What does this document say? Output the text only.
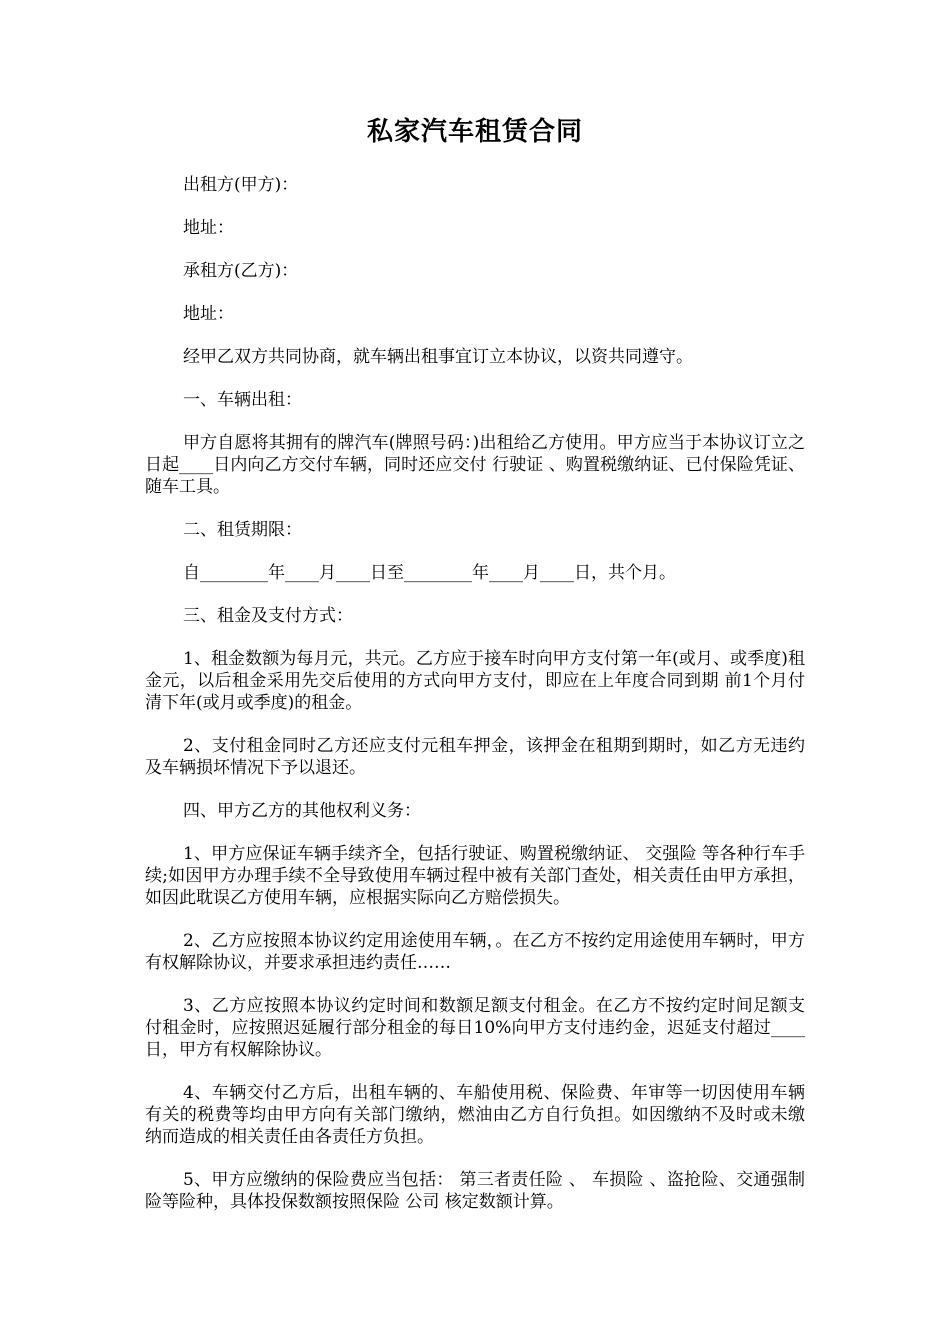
私家汽车租赁合同

出租方(甲方)：

地址：

承租方(乙方)：

地址：

经甲乙双方共同协商，就车辆出租事宜订立本协议，以资共同遵守。

一、车辆出租：

甲方自愿将其拥有的牌汽车(牌照号码：)出租给乙方使用。甲方应当于本协议订立之日起____日内向乙方交付车辆，同时还应交付 行驶证 、购置税缴纳证、已付保险凭证、随车工具。

二、租赁期限：

自________年____月____日至________年____月____日，共个月。

三、租金及支付方式：

1、租金数额为每月元，共元。乙方应于接车时向甲方支付第一年(或月、或季度)租金元，以后租金采用先交后使用的方式向甲方支付，即应在上年度合同到期 前1个月付清下年(或月或季度)的租金。

2、支付租金同时乙方还应支付元租车押金，该押金在租期到期时，如乙方无违约及车辆损坏情况下予以退还。

四、甲方乙方的其他权利义务：

1、甲方应保证车辆手续齐全，包括行驶证、购置税缴纳证、 交强险 等各种行车手续;如因甲方办理手续不全导致使用车辆过程中被有关部门查处，相关责任由甲方承担，如因此耽误乙方使用车辆，应根据实际向乙方赔偿损失。

2、乙方应按照本协议约定用途使用车辆，。在乙方不按约定用途使用车辆时，甲方有权解除协议，并要求承担违约责任……

3、乙方应按照本协议约定时间和数额足额支付租金。在乙方不按约定时间足额支付租金时，应按照迟延履行部分租金的每日10%向甲方支付违约金，迟延支付超过____日，甲方有权解除协议。

4、车辆交付乙方后，出租车辆的、车船使用税、保险费、年审等一切因使用车辆有关的税费等均由甲方向有关部门缴纳，燃油由乙方自行负担。如因缴纳不及时或未缴纳而造成的相关责任由各责任方负担。

5、甲方应缴纳的保险费应当包括： 第三者责任险 、 车损险 、盗抢险、交通强制险等险种，具体投保数额按照保险 公司 核定数额计算。
